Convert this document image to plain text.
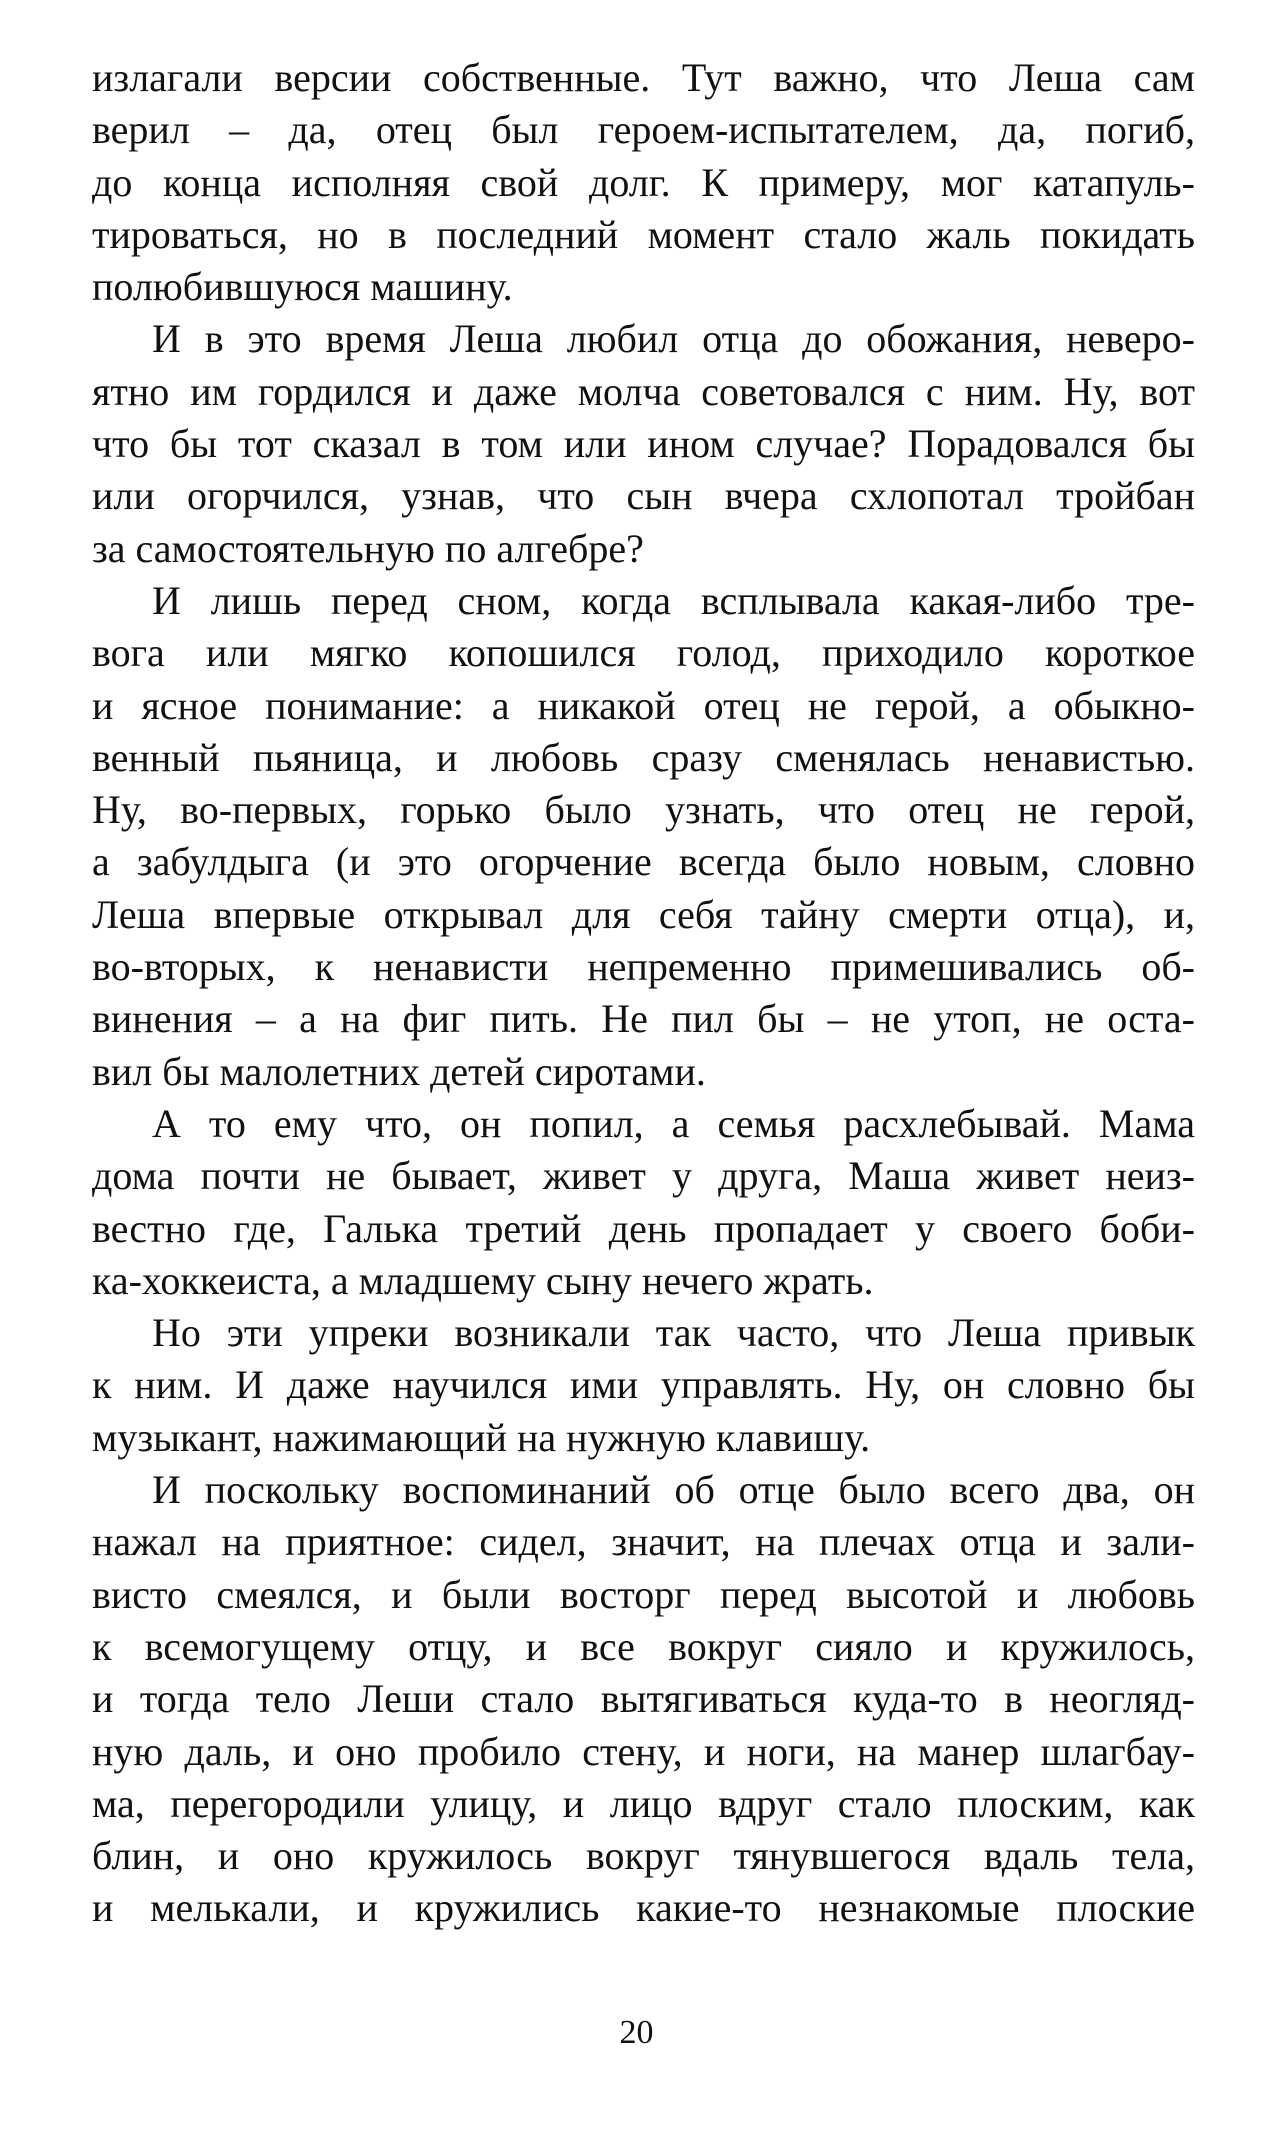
излагали версии собственные. Тут важно, что Леша сам
верил – да, отец был героем-испытателем, да, погиб,
до конца исполняя свой долг. К примеру, мог катапуль-
тироваться, но в последний момент стало жаль покидать
полюбившуюся машину.
И в это время Леша любил отца до обожания, неверо-
ятно им гордился и даже молча советовался с ним. Ну, вот
что бы тот сказал в том или ином случае? Порадовался бы
или огорчился, узнав, что сын вчера схлопотал тройбан
за самостоятельную по алгебре?
И лишь перед сном, когда всплывала какая-либо тре-
вога или мягко копошился голод, приходило короткое
и ясное понимание: а никакой отец не герой, а обыкно-
венный пьяница, и любовь сразу сменялась ненавистью.
Ну, во-первых, горько было узнать, что отец не герой,
а забулдыга (и это огорчение всегда было новым, словно
Леша впервые открывал для себя тайну смерти отца), и,
во-вторых, к ненависти непременно примешивались об-
винения – а на фиг пить. Не пил бы – не утоп, не оста-
вил бы малолетних детей сиротами.
А то ему что, он попил, а семья расхлебывай. Мама
дома почти не бывает, живет у друга, Маша живет неиз-
вестно где, Галька третий день пропадает у своего боби-
ка-хоккеиста, а младшему сыну нечего жрать.
Но эти упреки возникали так часто, что Леша привык
к ним. И даже научился ими управлять. Ну, он словно бы
музыкант, нажимающий на нужную клавишу.
И поскольку воспоминаний об отце было всего два, он
нажал на приятное: сидел, значит, на плечах отца и зали-
висто смеялся, и были восторг перед высотой и любовь
к всемогущему отцу, и все вокруг сияло и кружилось,
и тогда тело Леши стало вытягиваться куда-то в неогляд-
ную даль, и оно пробило стену, и ноги, на манер шлагбау-
ма, перегородили улицу, и лицо вдруг стало плоским, как
блин, и оно кружилось вокруг тянувшегося вдаль тела,
и мелькали, и кружились какие-то незнакомые плоские
20
